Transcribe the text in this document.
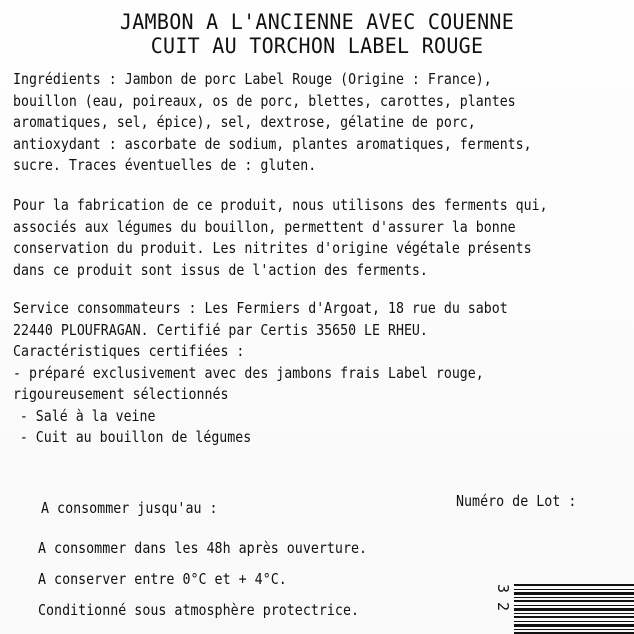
JAMBON A L'ANCIENNE AVEC COUENNE
CUIT AU TORCHON LABEL ROUGE
Ingrédients : Jambon de porc Label Rouge (Origine : France),
bouillon (eau, poireaux, os de porc, blettes, carottes, plantes
aromatiques, sel, épice), sel, dextrose, gélatine de porc,
antioxydant : ascorbate de sodium, plantes aromatiques, ferments,
sucre. Traces éventuelles de : gluten.
Pour la fabrication de ce produit, nous utilisons des ferments qui,
associés aux légumes du bouillon, permettent d'assurer la bonne
conservation du produit. Les nitrites d'origine végétale présents
dans ce produit sont issus de l'action des ferments.
Service consommateurs : Les Fermiers d'Argoat, 18 rue du sabot
22440 PLOUFRAGAN. Certifié par Certis 35650 LE RHEU.
Caractéristiques certifiées :
- préparé exclusivement avec des jambons frais Label rouge,
rigoureusement sélectionnés
- Salé à la veine
- Cuit au bouillon de légumes
A consommer jusqu'au :	Numéro de Lot :
A consommer dans les 48h après ouverture.
A conserver entre 0°C et + 4°C.
Conditionné sous atmosphère protectrice.	3 2
